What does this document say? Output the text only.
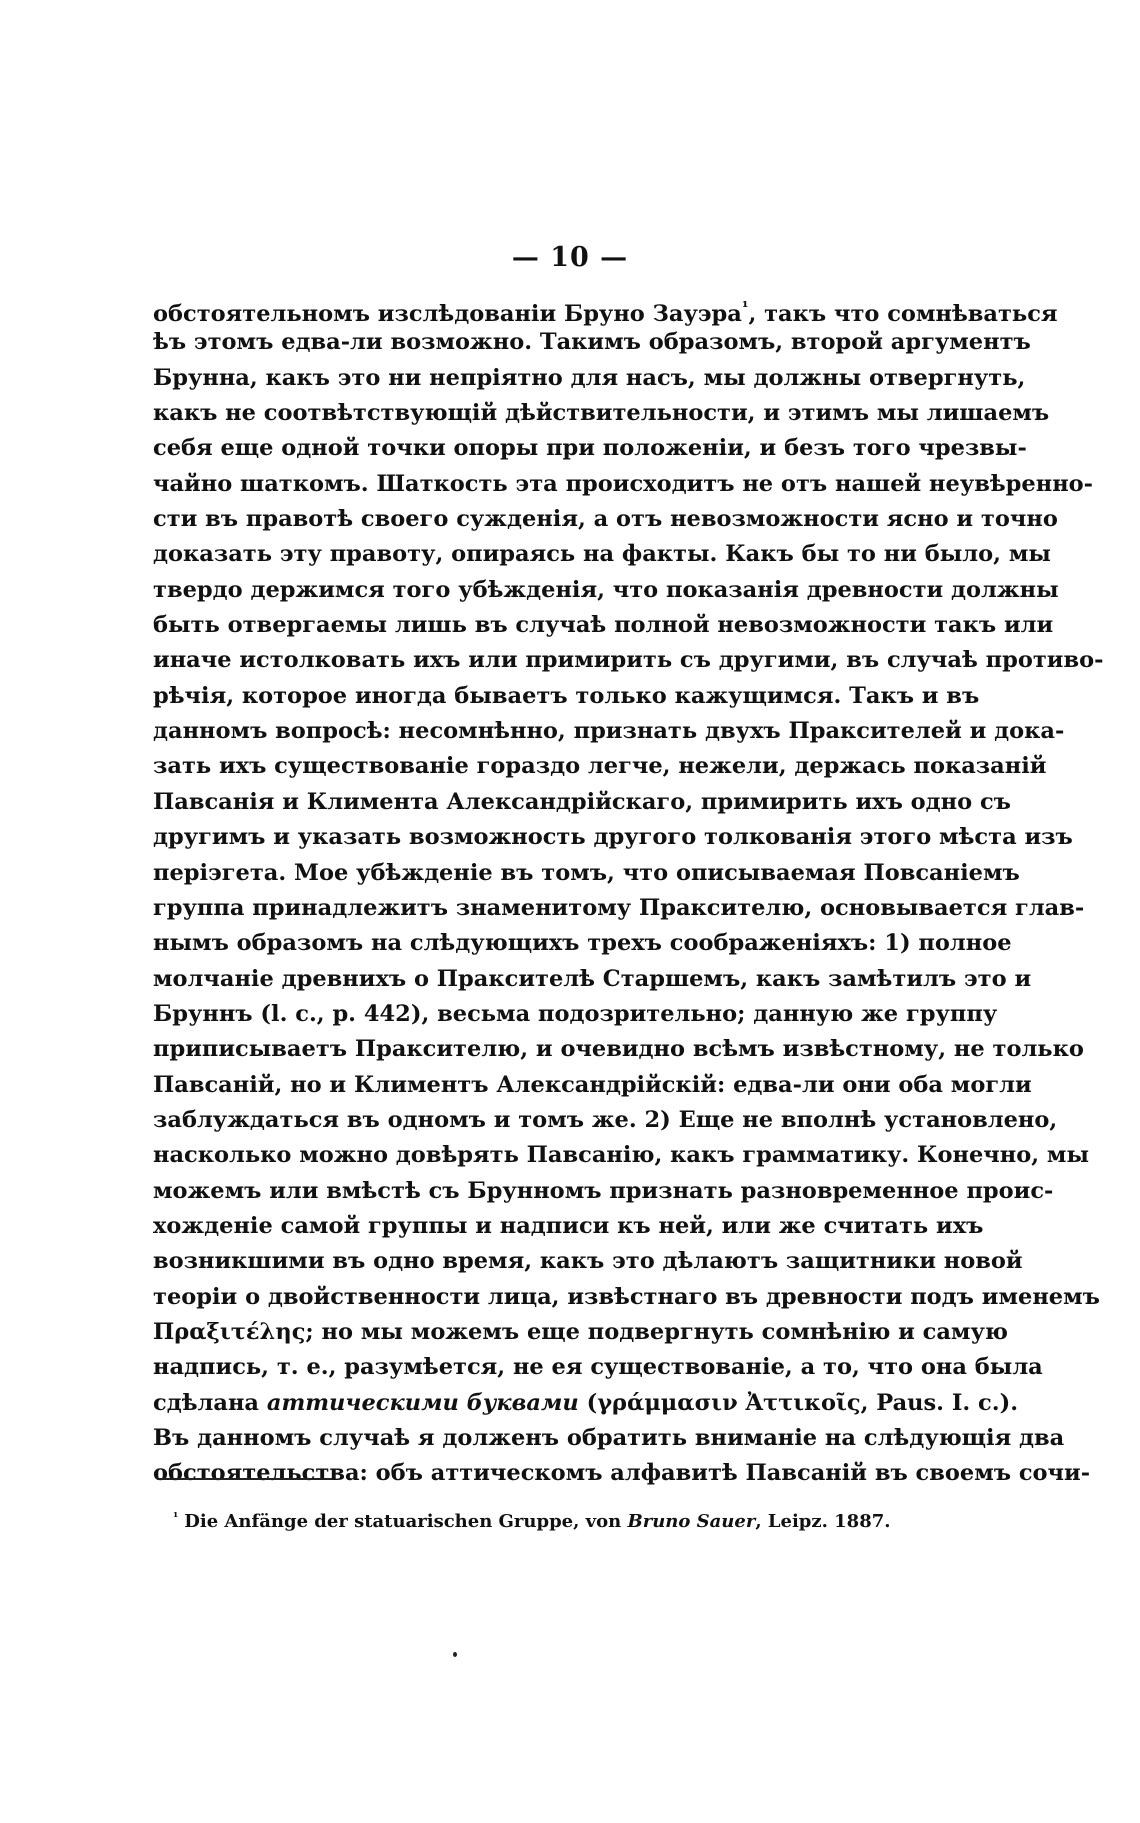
— 10 —
обстоятельномъ изслѣдованіи Бруно Зауэра$^{^1}$, такъ что сомнѣваться
ѣъ этомъ едва-ли возможно. Такимъ образомъ, второй аргументъ
Брунна, какъ это ни непріятно для насъ, мы должны отвергнуть,
какъ не соотвѣтствующій дѣйствительности, и этимъ мы лишаемъ
себя еще одной точки опоры при положеніи, и безъ того чрезвы-
чайно шаткомъ. Шаткость эта происходитъ не отъ нашей неувѣренно-
сти въ правотѣ своего сужденія, а отъ невозможности ясно и точно
доказать эту правоту, опираясь на факты. Какъ бы то ни было, мы
твердо держимся того убѣжденія, что показанія древности должны
быть отвергаемы лишь въ случаѣ полной невозможности такъ или
иначе истолковать ихъ или примирить съ другими, въ случаѣ противо-
рѣчія, которое иногда бываетъ только кажущимся. Такъ и въ
данномъ вопросѣ: несомнѣнно, признать двухъ Праксителей и дока-
зать ихъ существованіе гораздо легче, нежели, держась показаній
Павсанія и Климента Александрійскаго, примирить ихъ одно съ
другимъ и указать возможность другого толкованія этого мѣста изъ
періэгета. Мое убѣжденіе въ томъ, что описываемая Повсаніемъ
группа принадлежитъ знаменитому Праксителю, основывается глав-
нымъ образомъ на слѣдующихъ трехъ соображеніяхъ: 1) полное
молчаніе древнихъ о Праксителѣ Старшемъ, какъ замѣтилъ это и
Бруннъ (l. c., p. 442), весьма подозрительно; данную же группу
приписываетъ Праксителю, и очевидно всѣмъ извѣстному, не только
Павсаній, но и Климентъ Александрійскій: едва-ли они оба могли
заблуждаться въ одномъ и томъ же. 2) Еще не вполнѣ установлено,
насколько можно довѣрять Павсанію, какъ грамматику. Конечно, мы
можемъ или вмѣстѣ съ Брунномъ признать разновременное проис-
хожденіе самой группы и надписи къ ней, или же считать ихъ
возникшими въ одно время, какъ это дѣлаютъ защитники новой
теоріи о двойственности лица, извѣстнаго въ древности подъ именемъ
Πραξιτέλης; но мы можемъ еще подвергнуть сомнѣнію и самую
надпись, т. е., разумѣется, не ея существованіе, а то, что она была
сдѣлана аттическими буквами (γράμμασιν Ἀττικοῖς, Paus. I. c.).
Въ данномъ случаѣ я долженъ обратить вниманіе на слѣдующія два
обстоятельства: объ аттическомъ алфавитѣ Павсаній въ своемъ сочи-
$^{^1}$ Die Anfänge der statuarischen Gruppe, von Bruno Sauer, Leipz. 1887.
